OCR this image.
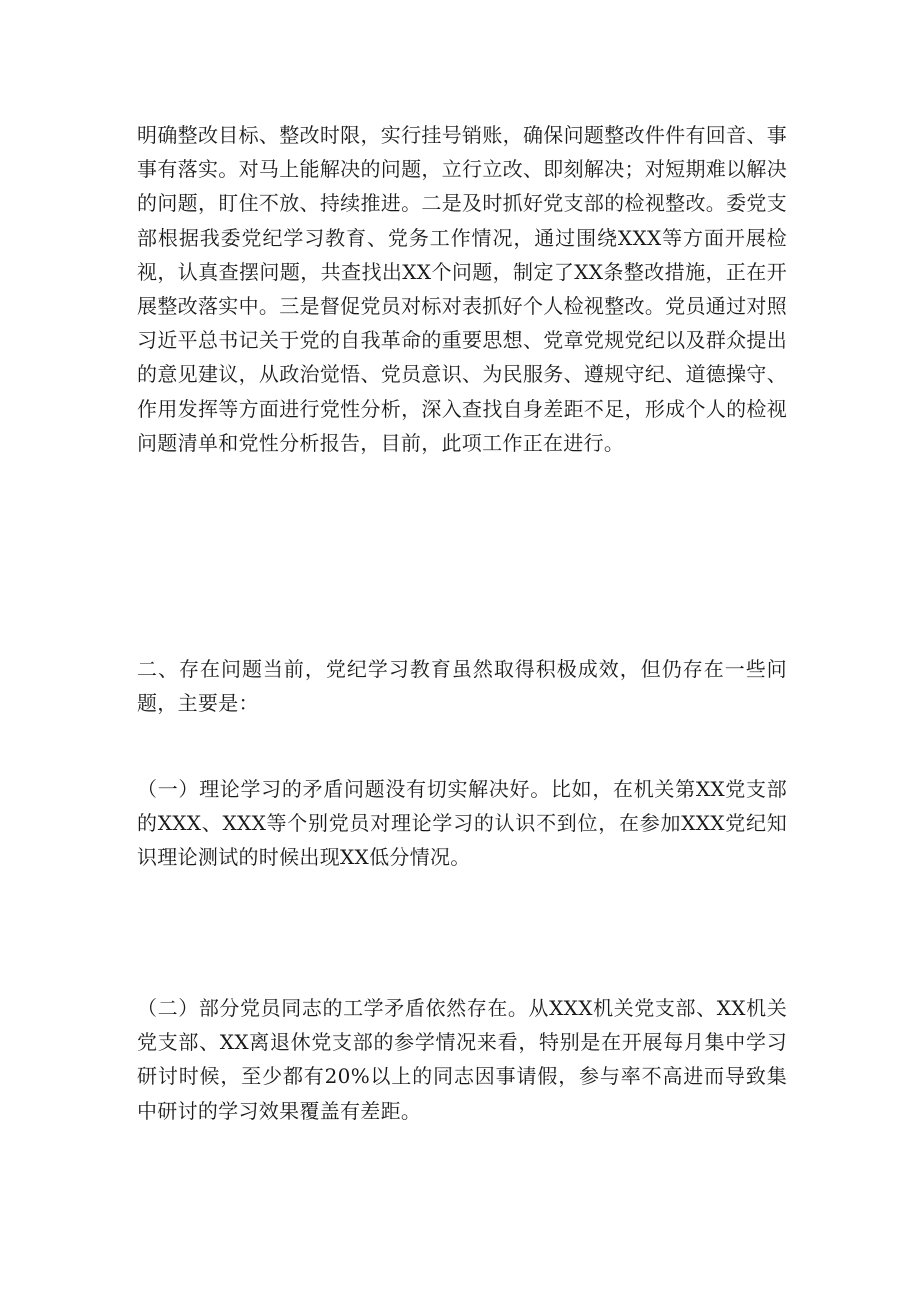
明确整改目标、整改时限，实行挂号销账，确保问题整改件件有回音、事事有落实。对马上能解决的问题，立行立改、即刻解决；对短期难以解决的问题，盯住不放、持续推进。二是及时抓好党支部的检视整改。委党支部根据我委党纪学习教育、党务工作情况，通过围绕XXX等方面开展检视，认真查摆问题，共查找出XX个问题，制定了XX条整改措施，正在开展整改落实中。三是督促党员对标对表抓好个人检视整改。党员通过对照习近平总书记关于党的自我革命的重要思想、党章党规党纪以及群众提出的意见建议，从政治觉悟、党员意识、为民服务、遵规守纪、道德操守、作用发挥等方面进行党性分析，深入查找自身差距不足，形成个人的检视问题清单和党性分析报告，目前，此项工作正在进行。

二、存在问题当前，党纪学习教育虽然取得积极成效，但仍存在一些问题，主要是：

（一）理论学习的矛盾问题没有切实解决好。比如，在机关第XX党支部的XXX、XXX等个别党员对理论学习的认识不到位，在参加XXX党纪知识理论测试的时候出现XX低分情况。

（二）部分党员同志的工学矛盾依然存在。从XXX机关党支部、XX机关党支部、XX离退休党支部的参学情况来看，特别是在开展每月集中学习研讨时候，至少都有20%以上的同志因事请假，参与率不高进而导致集中研讨的学习效果覆盖有差距。
